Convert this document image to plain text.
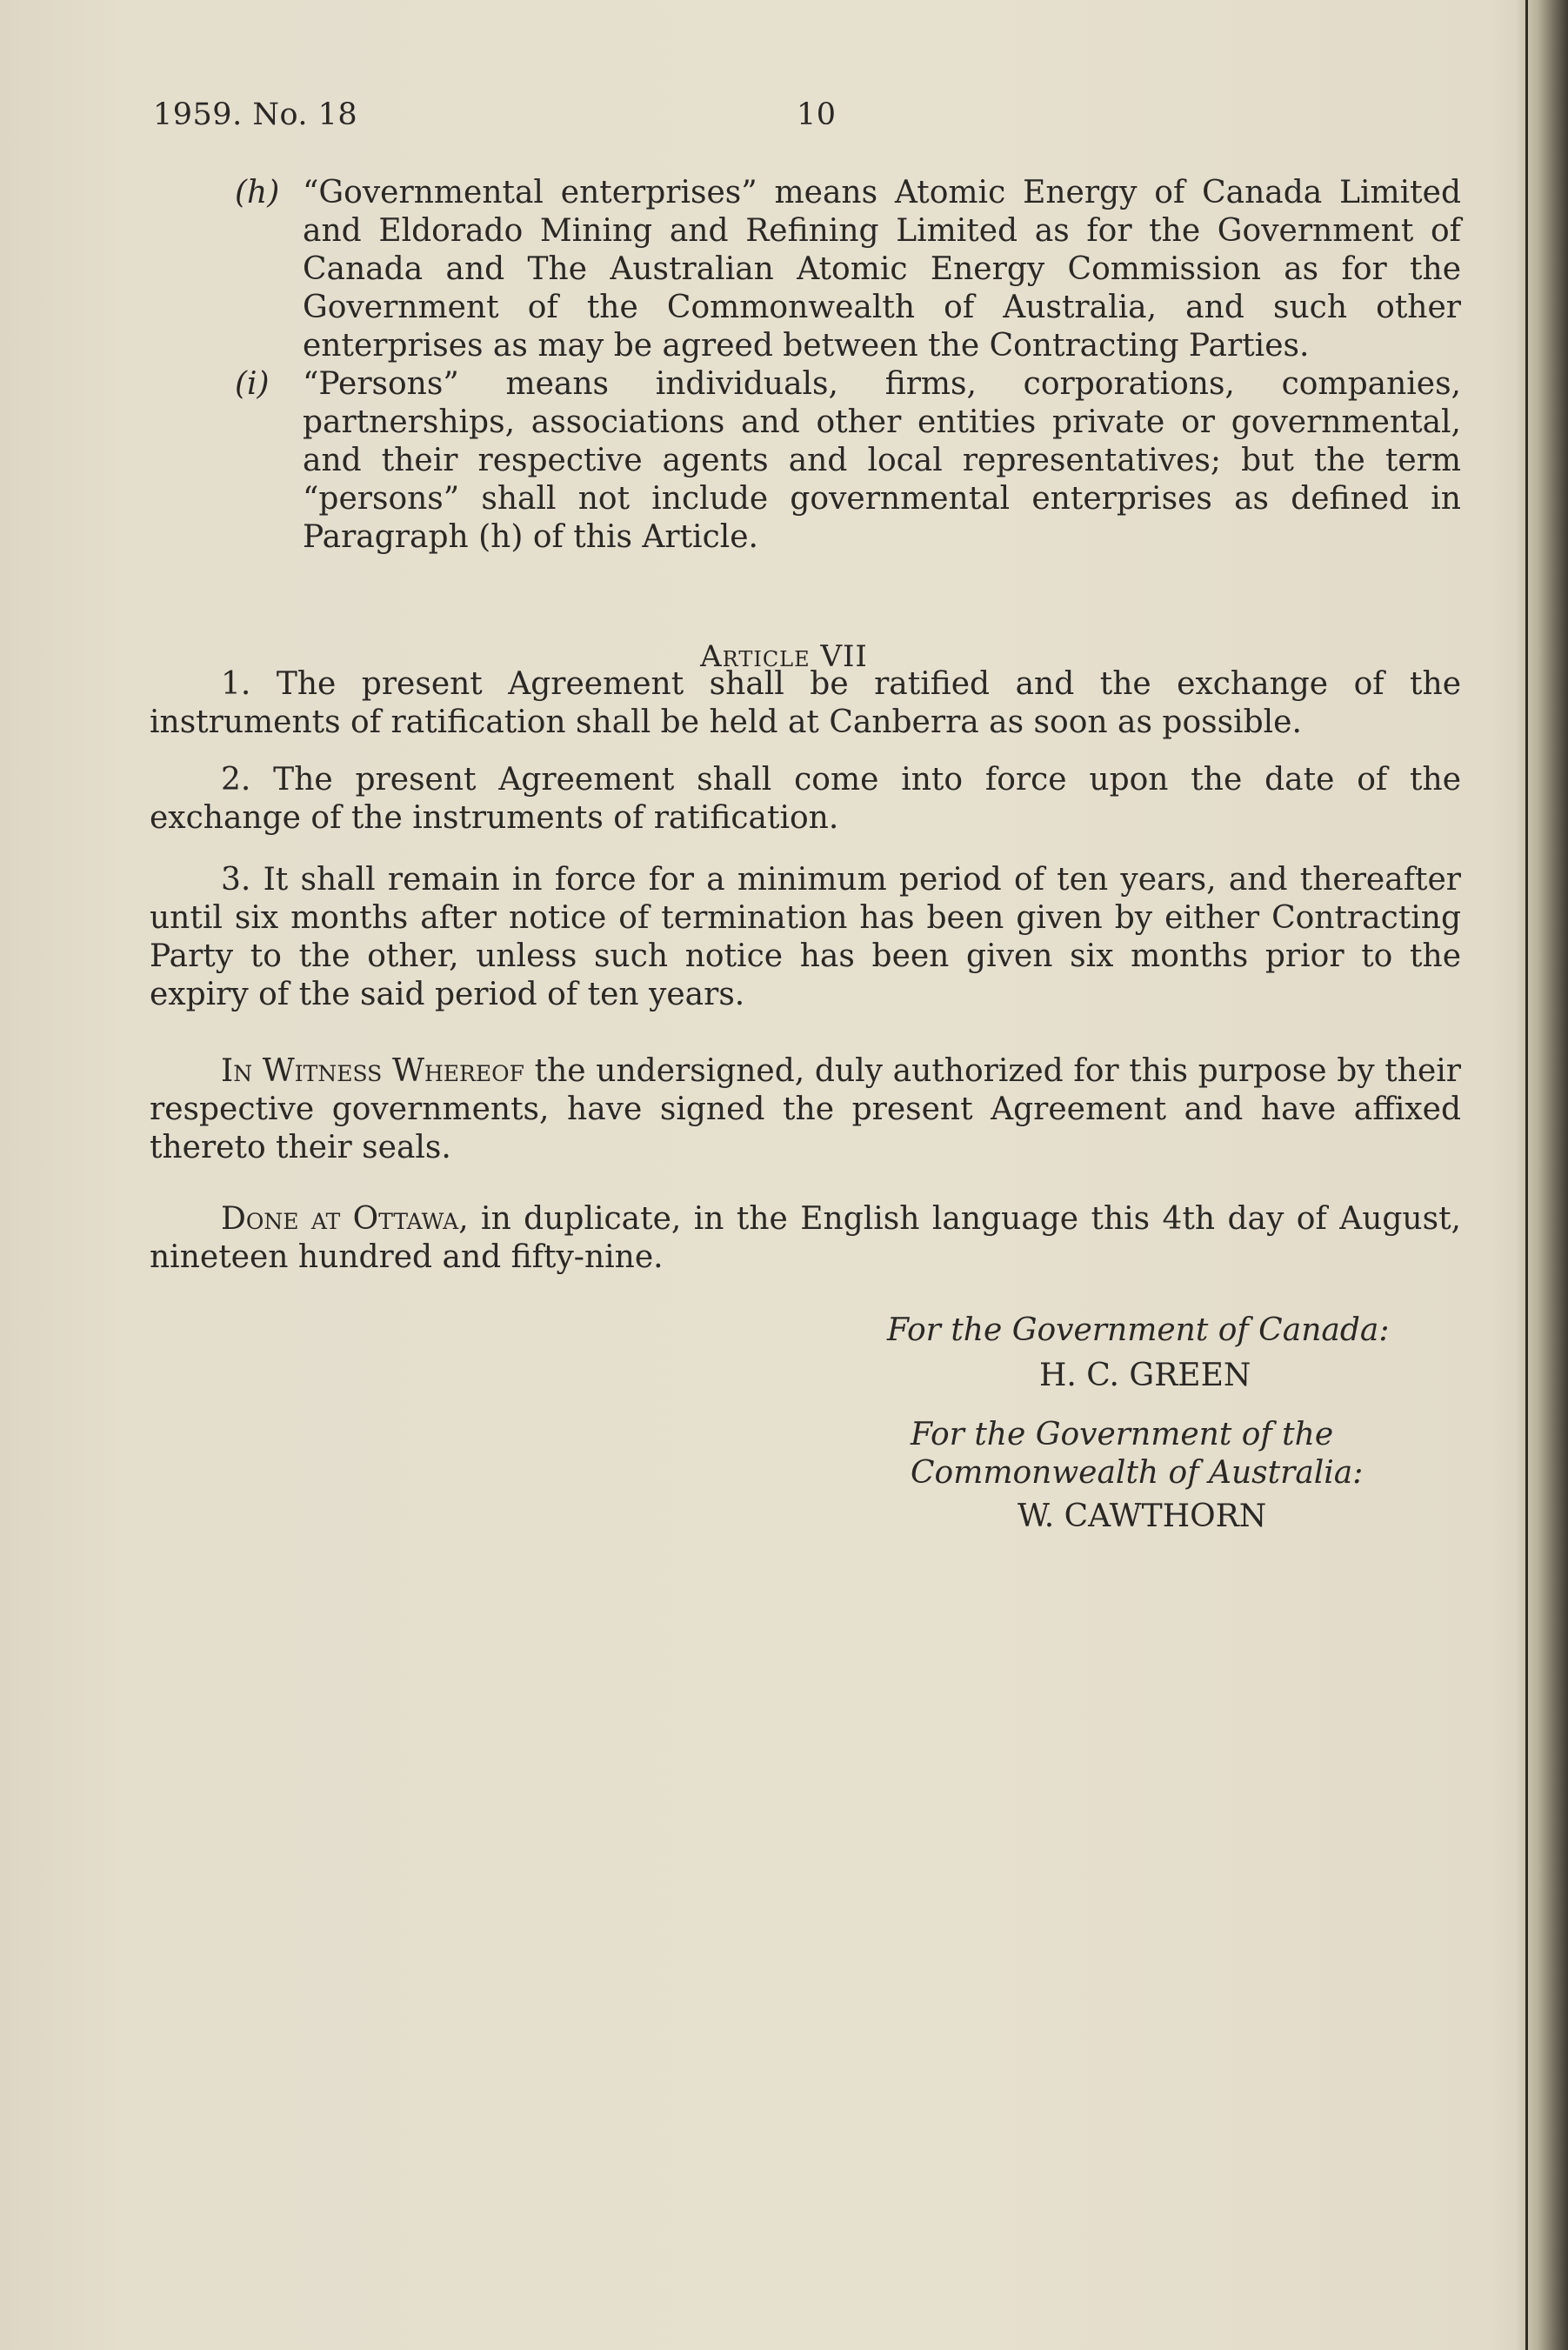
1959. No. 18	10
(h) “Governmental enterprises” means Atomic Energy of Canada Limited and Eldorado Mining and Refining Limited as for the Government of Canada and The Australian Atomic Energy Commission as for the Government of the Commonwealth of Australia, and such other enterprises as may be agreed between the Contracting Parties.
(i) “Persons” means individuals, firms, corporations, companies, partnerships, associations and other entities private or governmental, and their respective agents and local representatives; but the term “persons” shall not include governmental enterprises as defined in Paragraph (h) of this Article.
Article VII
1. The present Agreement shall be ratified and the exchange of the instruments of ratification shall be held at Canberra as soon as possible.
2. The present Agreement shall come into force upon the date of the exchange of the instruments of ratification.
3. It shall remain in force for a minimum period of ten years, and thereafter until six months after notice of termination has been given by either Contracting Party to the other, unless such notice has been given six months prior to the expiry of the said period of ten years.
In Witness Whereof the undersigned, duly authorized for this purpose by their respective governments, have signed the present Agreement and have affixed thereto their seals.
Done at Ottawa, in duplicate, in the English language this 4th day of August, nineteen hundred and fifty-nine.
For the Government of Canada:
H. C. GREEN
For the Government of the
Commonwealth of Australia:
W. CAWTHORN
